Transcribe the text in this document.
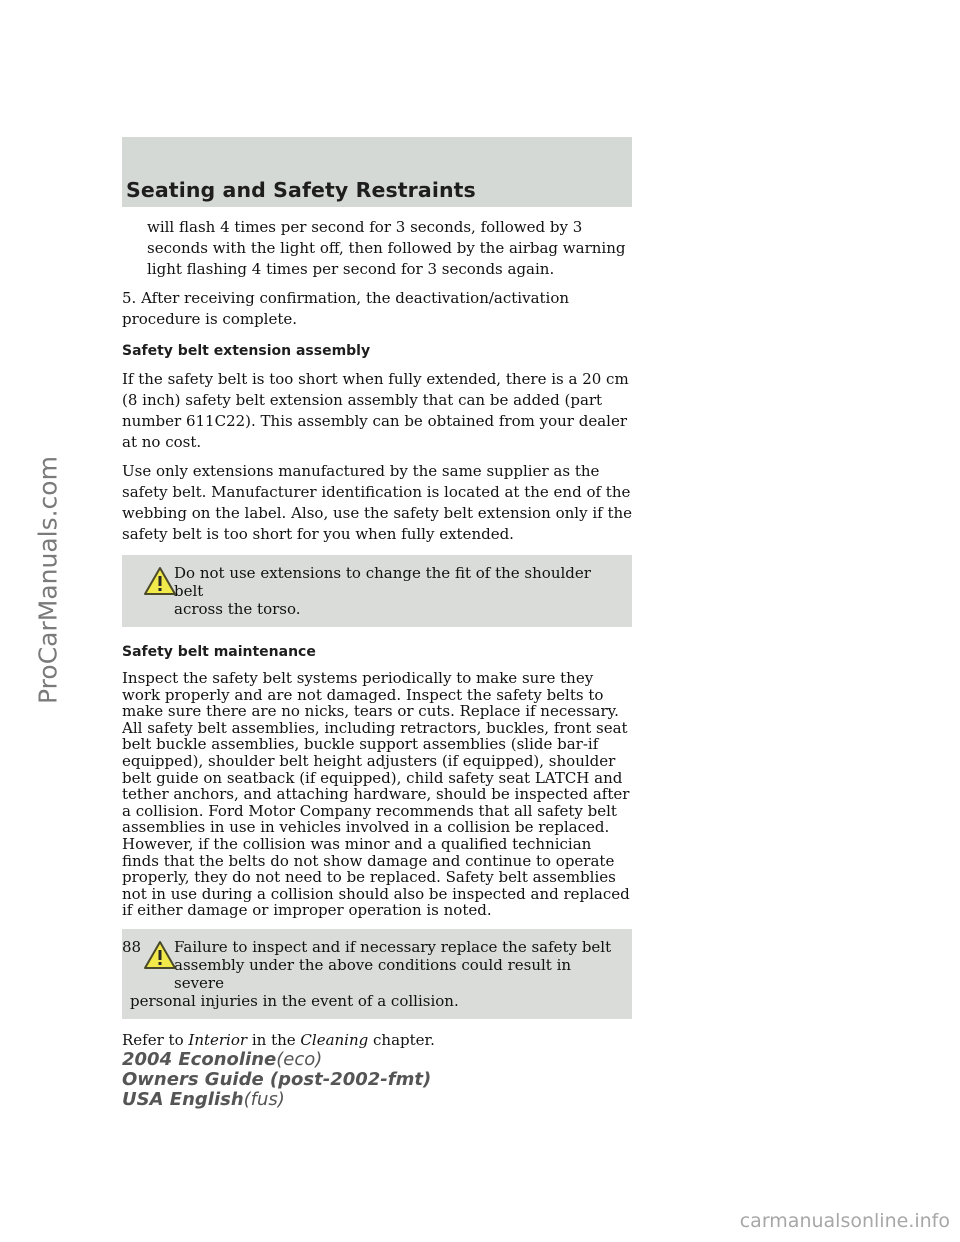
Seating and Safety Restraints

will flash 4 times per second for 3 seconds, followed by 3 seconds with the light off, then followed by the airbag warning light flashing 4 times per second for 3 seconds again.

5. After receiving confirmation, the deactivation/activation procedure is complete.

Safety belt extension assembly

If the safety belt is too short when fully extended, there is a 20 cm (8 inch) safety belt extension assembly that can be added (part number 611C22). This assembly can be obtained from your dealer at no cost.

Use only extensions manufactured by the same supplier as the safety belt. Manufacturer identification is located at the end of the webbing on the label. Also, use the safety belt extension only if the safety belt is too short for you when fully extended.

Do not use extensions to change the fit of the shoulder belt
across the torso.
Safety belt maintenance

Inspect the safety belt systems periodically to make sure they work properly and are not damaged. Inspect the safety belts to make sure there are no nicks, tears or cuts. Replace if necessary. All safety belt assemblies, including retractors, buckles, front seat belt buckle assemblies, buckle support assemblies (slide bar-if equipped), shoulder belt height adjusters (if equipped), shoulder belt guide on seatback (if equipped), child safety seat LATCH and tether anchors, and attaching hardware, should be inspected after a collision. Ford Motor Company recommends that all safety belt assemblies in use in vehicles involved in a collision be replaced. However, if the collision was minor and a qualified technician finds that the belts do not show damage and continue to operate properly, they do not need to be replaced. Safety belt assemblies not in use during a collision should also be inspected and replaced if either damage or improper operation is noted.

Failure to inspect and if necessary replace the safety belt
assembly under the above conditions could result in severe
personal injuries in the event of a collision.

Refer to Interior in the Cleaning chapter.

88
2004 Econoline(eco)
Owners Guide (post-2002-fmt)
USA English(fus)
ProCarManuals.com
carmanualsonline.info
